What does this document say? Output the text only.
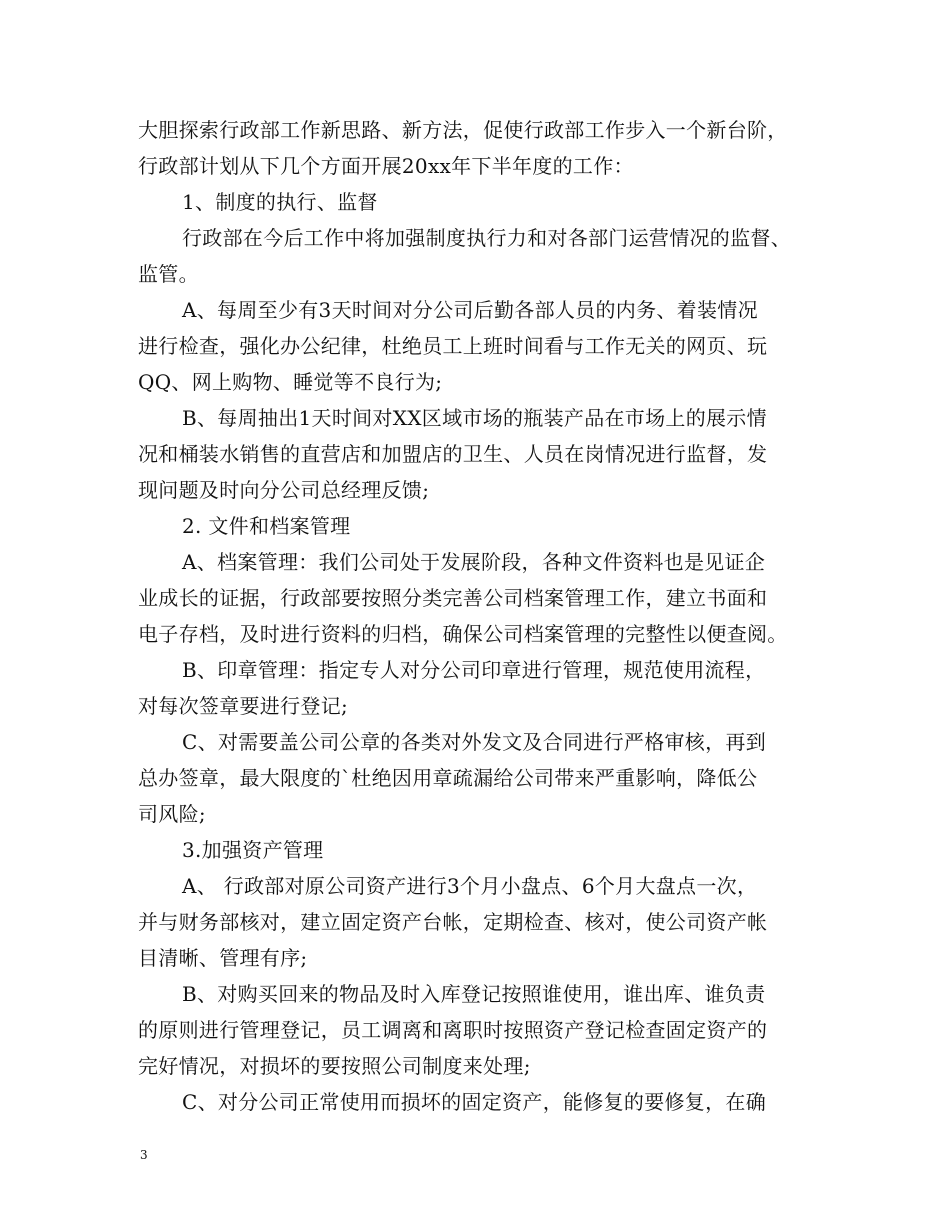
大胆探索行政部工作新思路、新方法，促使行政部工作步入一个新台阶，
行政部计划从下几个方面开展20xx年下半年度的工作：
1、制度的执行、监督
行政部在今后工作中将加强制度执行力和对各部门运营情况的监督、
监管。
A、每周至少有3天时间对分公司后勤各部人员的内务、着装情况
进行检查，强化办公纪律，杜绝员工上班时间看与工作无关的网页、玩
QQ、网上购物、睡觉等不良行为;
B、每周抽出1天时间对XX区域市场的瓶装产品在市场上的展示情
况和桶装水销售的直营店和加盟店的卫生、人员在岗情况进行监督，发
现问题及时向分公司总经理反馈;
2. 文件和档案管理
A、档案管理：我们公司处于发展阶段，各种文件资料也是见证企
业成长的证据，行政部要按照分类完善公司档案管理工作，建立书面和
电子存档，及时进行资料的归档，确保公司档案管理的完整性以便查阅。
B、印章管理：指定专人对分公司印章进行管理，规范使用流程，
对每次签章要进行登记;
C、对需要盖公司公章的各类对外发文及合同进行严格审核，再到
总办签章，最大限度的`杜绝因用章疏漏给公司带来严重影响，降低公
司风险;
3.加强资产管理
A、 行政部对原公司资产进行3个月小盘点、6个月大盘点一次，
并与财务部核对，建立固定资产台帐，定期检查、核对，使公司资产帐
目清晰、管理有序;
B、对购买回来的物品及时入库登记按照谁使用，谁出库、谁负责
的原则进行管理登记，员工调离和离职时按照资产登记检查固定资产的
完好情况，对损坏的要按照公司制度来处理;
C、对分公司正常使用而损坏的固定资产，能修复的要修复，在确
3
